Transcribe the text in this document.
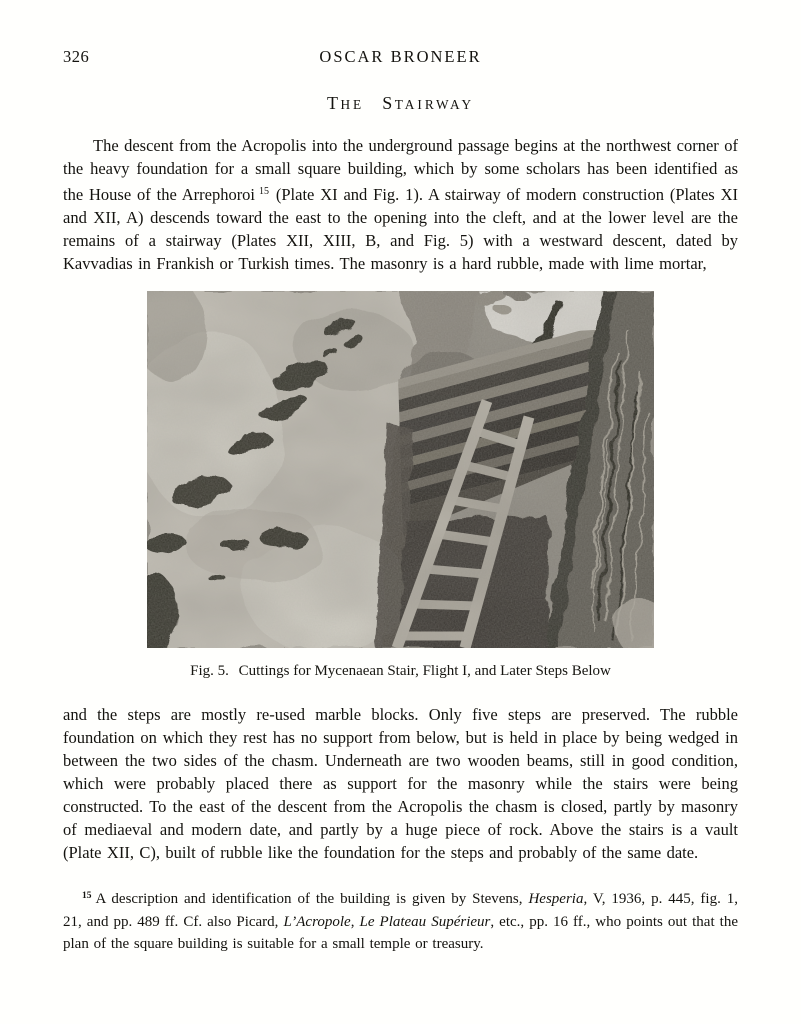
326	OSCAR BRONEER
THE STAIRWAY

The descent from the Acropolis into the underground passage begins at the northwest corner of the heavy foundation for a small square building, which by some scholars has been identified as the House of the Arrephoroi $^{15}$ (Plate XI and Fig. 1). A stairway of modern construction (Plates XI and XII, A) descends toward the east to the opening into the cleft, and at the lower level are the remains of a stairway (Plates XII, XIII, B, and Fig. 5) with a westward descent, dated by Kavvadias in Frankish or Turkish times. The masonry is a hard rubble, made with lime mortar,

Fig. 5. Cuttings for Mycenaean Stair, Flight I, and Later Steps Below

and the steps are mostly re-used marble blocks. Only five steps are preserved. The rubble foundation on which they rest has no support from below, but is held in place by being wedged in between the two sides of the chasm. Underneath are two wooden beams, still in good condition, which were probably placed there as support for the masonry while the stairs were being constructed. To the east of the descent from the Acropolis the chasm is closed, partly by masonry of mediaeval and modern date, and partly by a huge piece of rock. Above the stairs is a vault (Plate XII, C), built of rubble like the foundation for the steps and probably of the same date.

$^{15}$ A description and identification of the building is given by Stevens, Hesperia, V, 1936, p. 445, fig. 1, 21, and pp. 489 ff. Cf. also Picard, L’Acropole, Le Plateau Supérieur, etc., pp. 16 ff., who points out that the plan of the square building is suitable for a small temple or treasury.
